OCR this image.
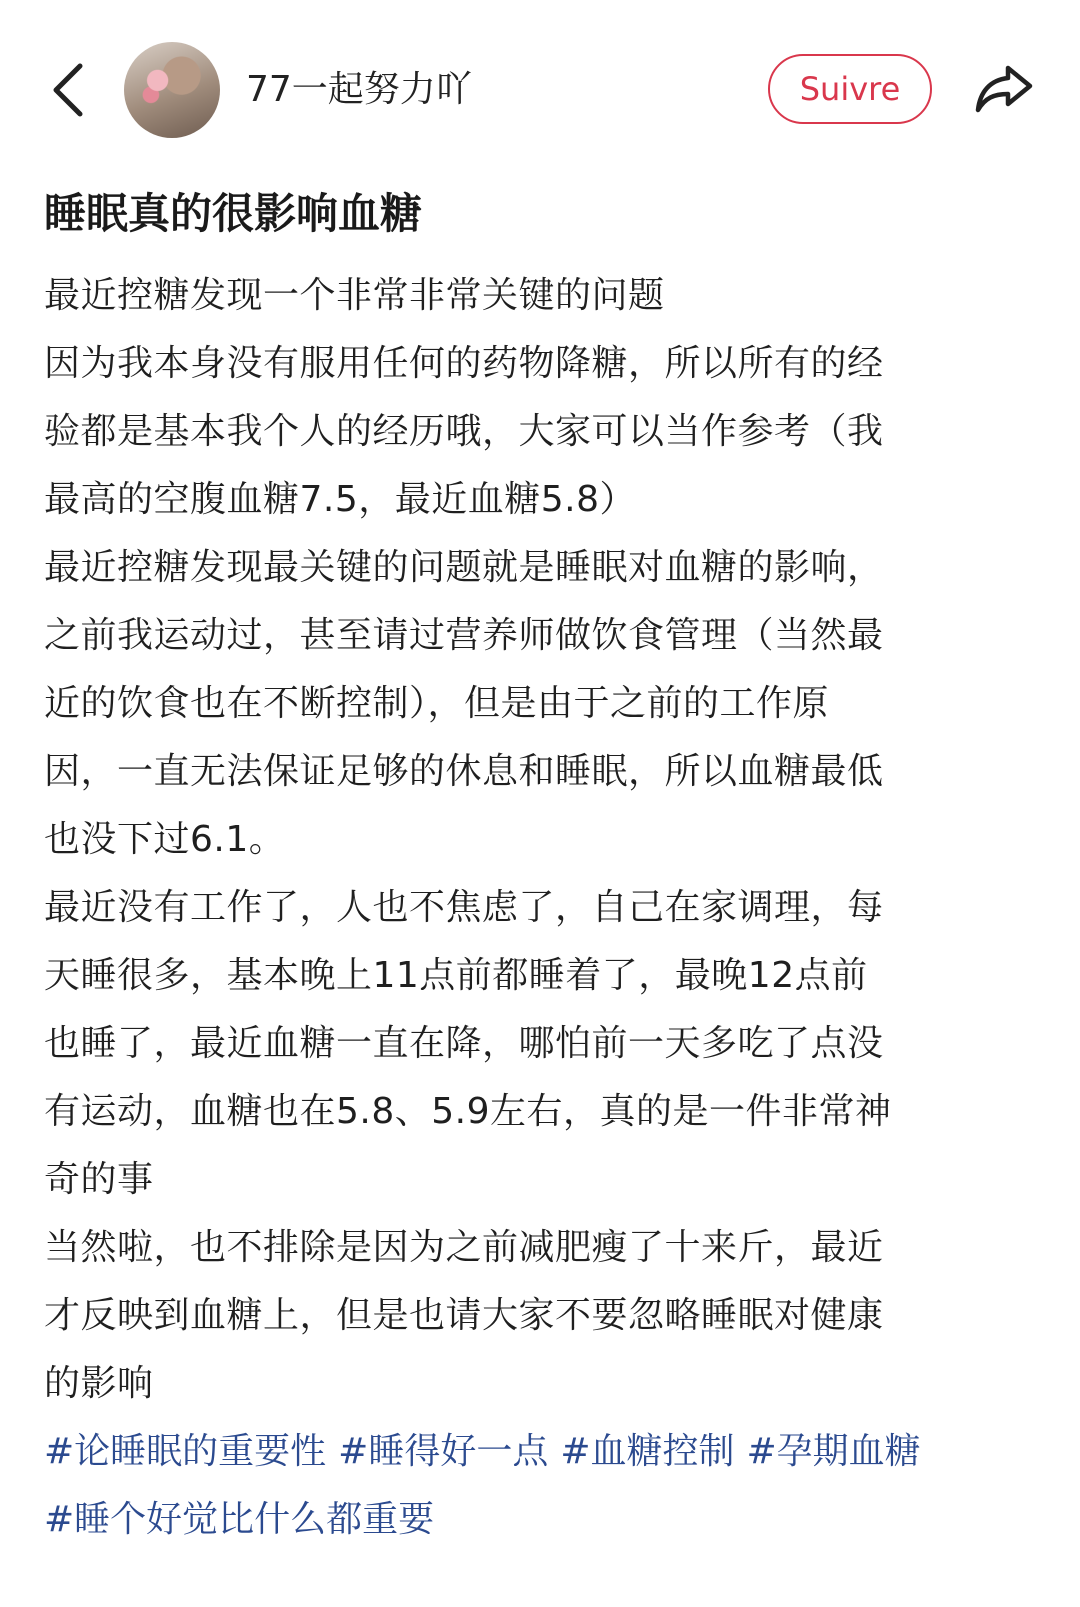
77一起努力吖	Suivre
睡眠真的很影响血糖
最近控糖发现一个非常非常关键的问题
因为我本身没有服用任何的药物降糖，所以所有的经
验都是基本我个人的经历哦，大家可以当作参考（我
最高的空腹血糖7.5，最近血糖5.8）
最近控糖发现最关键的问题就是睡眠对血糖的影响，
之前我运动过，甚至请过营养师做饮食管理（当然最
近的饮食也在不断控制），但是由于之前的工作原
因，一直无法保证足够的休息和睡眠，所以血糖最低
也没下过6.1。
最近没有工作了，人也不焦虑了，自己在家调理，每
天睡很多，基本晚上11点前都睡着了，最晚12点前
也睡了，最近血糖一直在降，哪怕前一天多吃了点没
有运动，血糖也在5.8、5.9左右，真的是一件非常神
奇的事
当然啦，也不排除是因为之前减肥瘦了十来斤，最近
才反映到血糖上，但是也请大家不要忽略睡眠对健康
的影响
#论睡眠的重要性 #睡得好一点 #血糖控制 #孕期血糖
#睡个好觉比什么都重要
